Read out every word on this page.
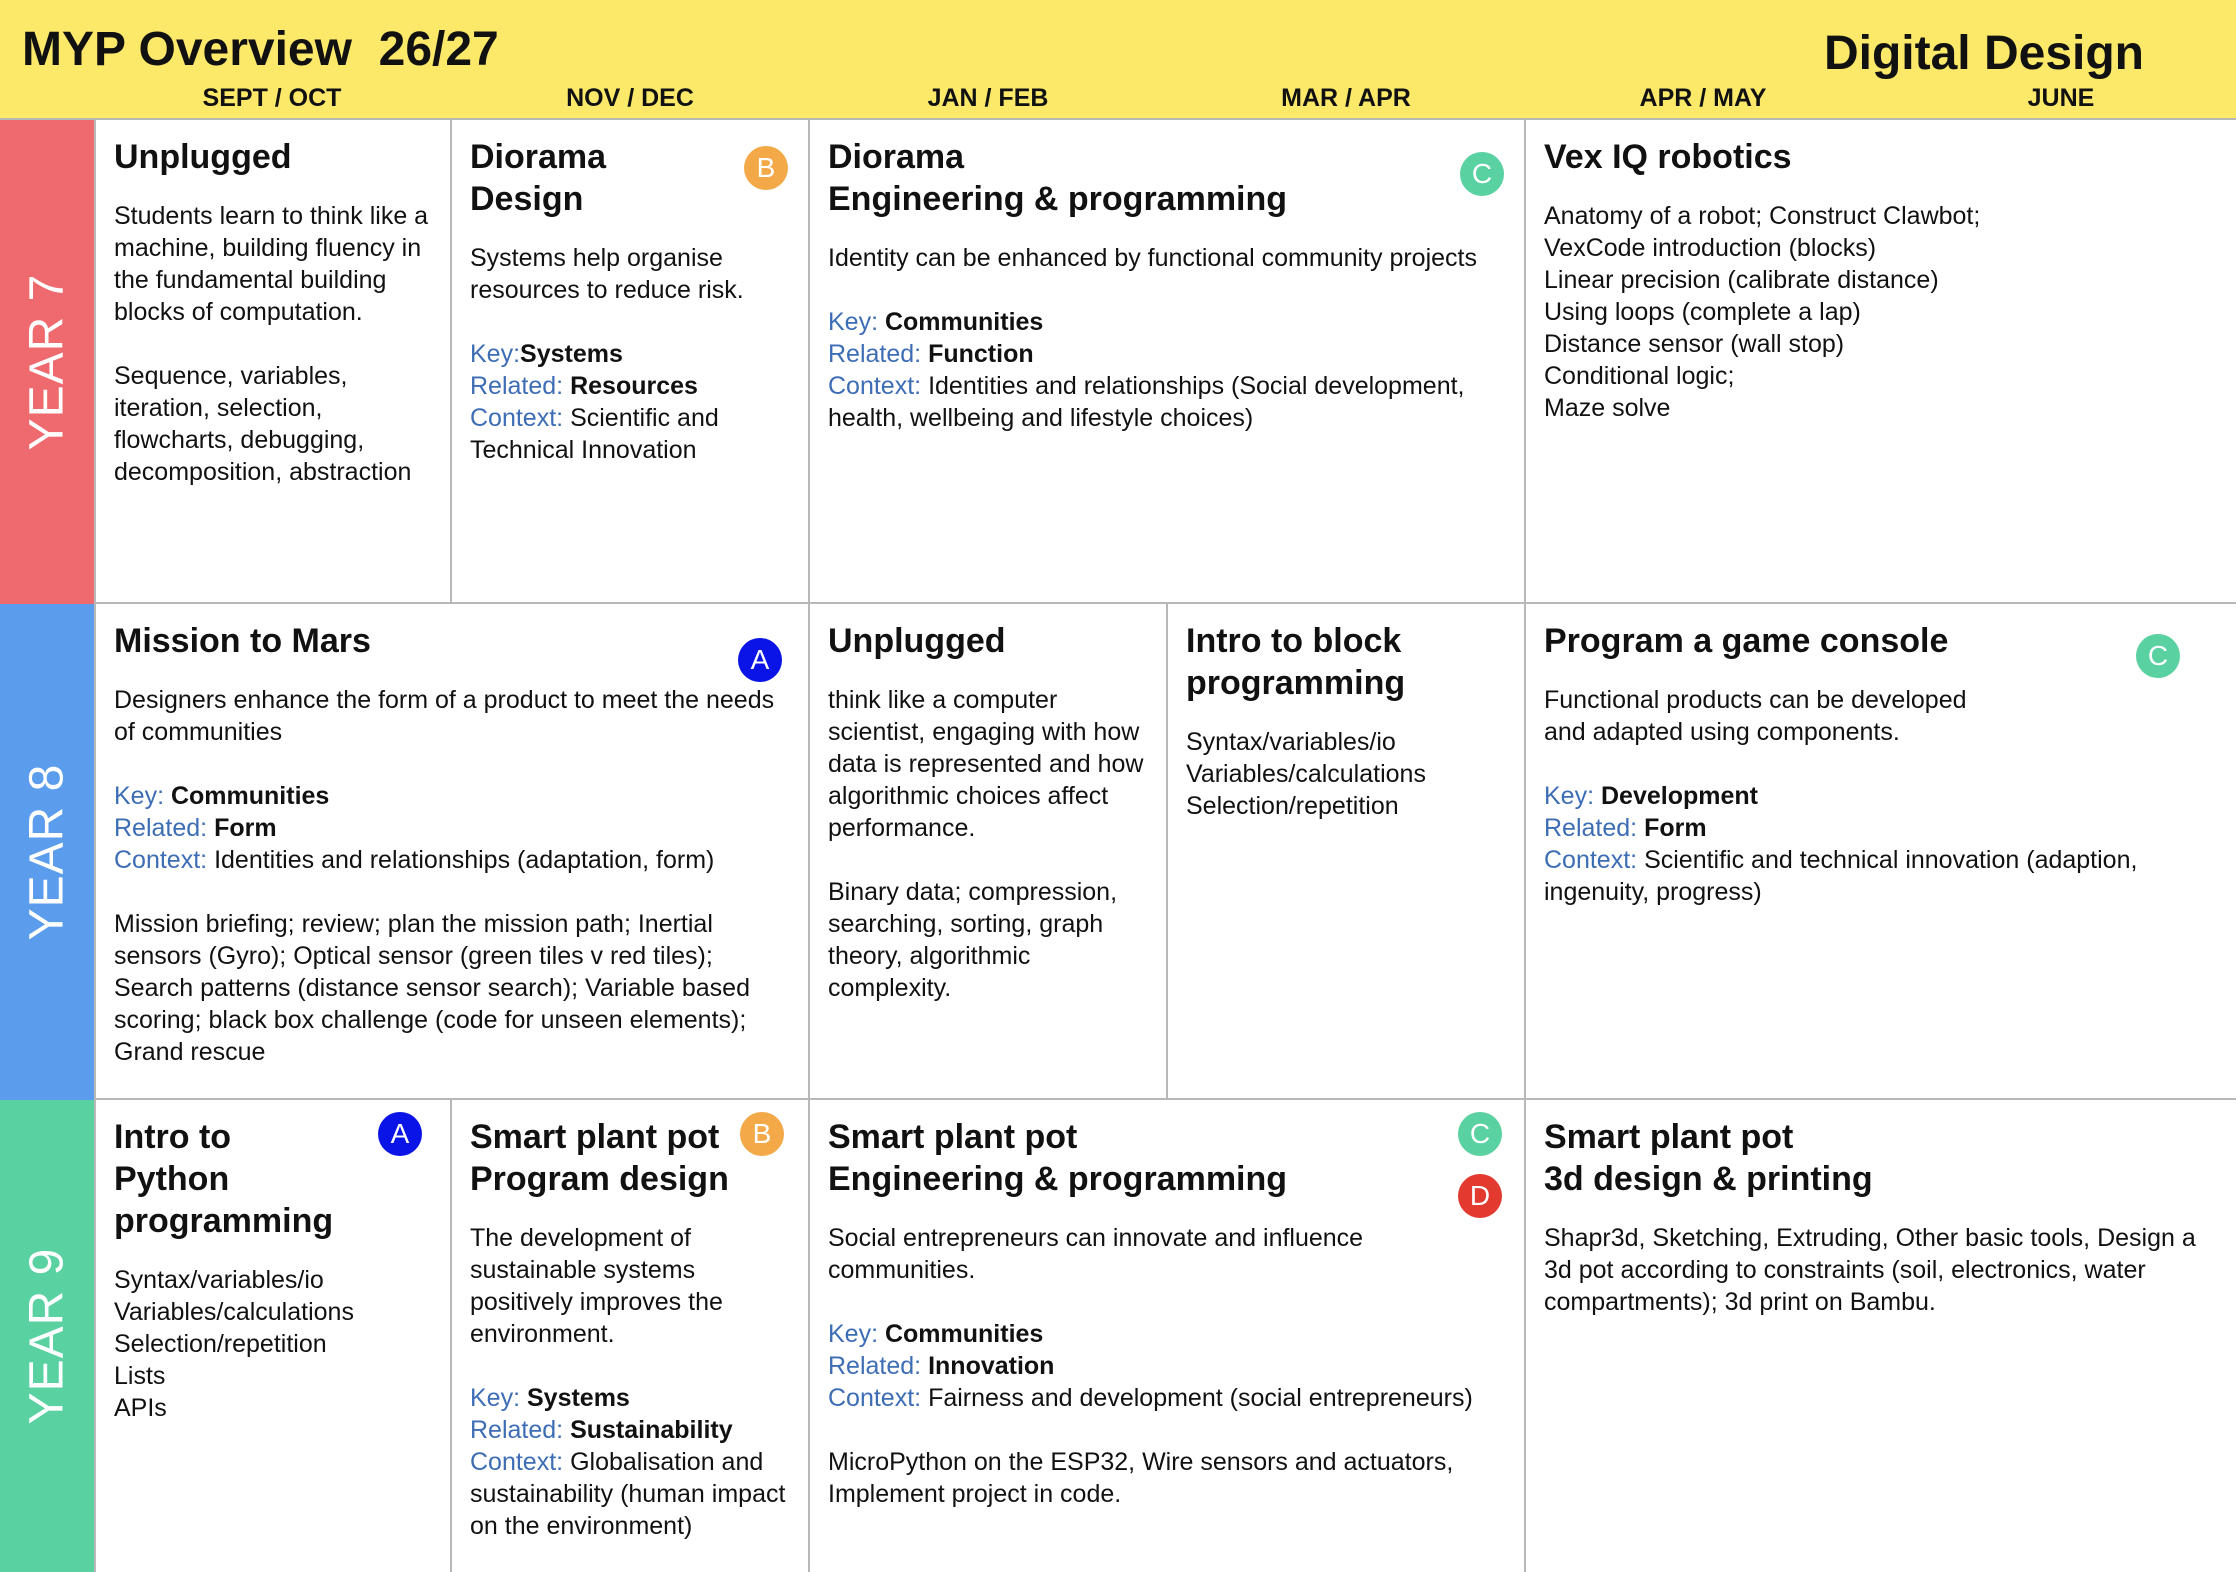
MYP Overview  26/27	Digital Design
SEPT / OCT	NOV / DEC	JAN / FEB	MAR / APR	APR / MAY	JUNE
YEAR 7
YEAR 8
YEAR 9
Unplugged
Students learn to think like a machine, building fluency in the fundamental building blocks of computation.
Sequence, variables, iteration, selection, flowcharts, debugging, decomposition, abstraction
Diorama
Design
Systems help organise resources to reduce risk.
Key:Systems
Related: Resources
Context: Scientific and Technical Innovation
B	Diorama
Engineering & programming
Identity can be enhanced by functional community projects
Key: Communities
Related: Function
Context: Identities and relationships (Social development, health, wellbeing and lifestyle choices)
C	Vex IQ robotics
Anatomy of a robot; Construct Clawbot;
VexCode introduction (blocks)
Linear precision (calibrate distance)
Using loops (complete a lap)
Distance sensor (wall stop)
Conditional logic;
Maze solve
Mission to Mars
Designers enhance the form of a product to meet the needs of communities
Key: Communities
Related: Form
Context: Identities and relationships (adaptation, form)
Mission briefing; review; plan the mission path; Inertial sensors (Gyro); Optical sensor (green tiles v red tiles); Search patterns (distance sensor search); Variable based scoring; black box challenge (code for unseen elements); Grand rescue
A	Unplugged
think like a computer scientist, engaging with how data is represented and how algorithmic choices affect performance.
Binary data; compression, searching, sorting, graph theory, algorithmic complexity.
Intro to block
programming
Syntax/variables/io
Variables/calculations
Selection/repetition
Program a game console
Functional products can be developed and adapted using components.
Key: Development
Related: Form
Context: Scientific and technical innovation (adaption, ingenuity, progress)
C
Intro to
Python
programming
Syntax/variables/io
Variables/calculations
Selection/repetition
Lists
APIs
A	Smart plant pot
Program design
The development of sustainable systems positively improves the environment.
Key: Systems
Related: Sustainability
Context: Globalisation and sustainability (human impact on the environment)
B	Smart plant pot
Engineering & programming
Social entrepreneurs can innovate and influence communities.
Key: Communities
Related: Innovation
Context: Fairness and development (social entrepreneurs)
MicroPython on the ESP32, Wire sensors and actuators, Implement project in code.
C
D
Smart plant pot
3d design & printing
Shapr3d, Sketching, Extruding, Other basic tools, Design a 3d pot according to constraints (soil, electronics, water compartments); 3d print on Bambu.
